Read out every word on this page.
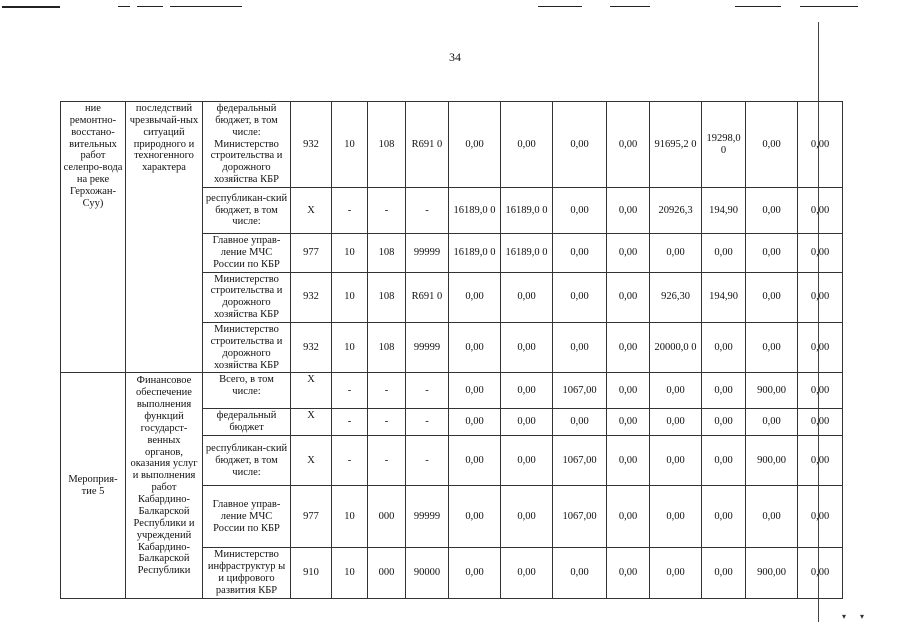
▾       ▾
34
ние ремонтно-восстано-вительных работ селепро-вода на реке Герхожан-Суу)	последствий чрезвычай-ных ситуаций природного и техногенного характера	федеральный бюджет, в том числе: Министерство строительства и дорожного хозяйства КБР	932	10	108	R691 0	0,00	0,00	0,00	0,00	91695,2 0	19298,0 0	0,00	0,00
		республикан-ский бюджет, в том числе:	Х	-	-	-	16189,0 0	16189,0 0	0,00	0,00	20926,3	194,90	0,00	0,00
		Главное управ-ление МЧС России по КБР	977	10	108	99999	16189,0 0	16189,0 0	0,00	0,00	0,00	0,00	0,00	0,00
		Министерство строительства и дорожного хозяйства КБР	932	10	108	R691 0	0,00	0,00	0,00	0,00	926,30	194,90	0,00	0,00
		Министерство строительства и дорожного хозяйства КБР	932	10	108	99999	0,00	0,00	0,00	0,00	20000,0 0	0,00	0,00	0,00
Мероприя-тие 5	Финансовое обеспечение выполнения функций государст-венных органов, оказания услуг и выполнения работ Кабардино-Балкарской Республики и учреждений Кабардино-Балкарской Республики	Всего, в том числе:	Х	-	-	-	0,00	0,00	1067,00	0,00	0,00	0,00	900,00	0,00
		федеральный бюджет	Х	-	-	-	0,00	0,00	0,00	0,00	0,00	0,00	0,00	0,00
		республикан-ский бюджет, в том числе:	Х	-	-	-	0,00	0,00	1067,00	0,00	0,00	0,00	900,00	0,00
		Главное управ-ление МЧС России по КБР	977	10	000	99999	0,00	0,00	1067,00	0,00	0,00	0,00	0,00	0,00
		Министерство инфраструктур ы и цифрового развития КБР	910	10	000	90000	0,00	0,00	0,00	0,00	0,00	0,00	900,00	0,00
